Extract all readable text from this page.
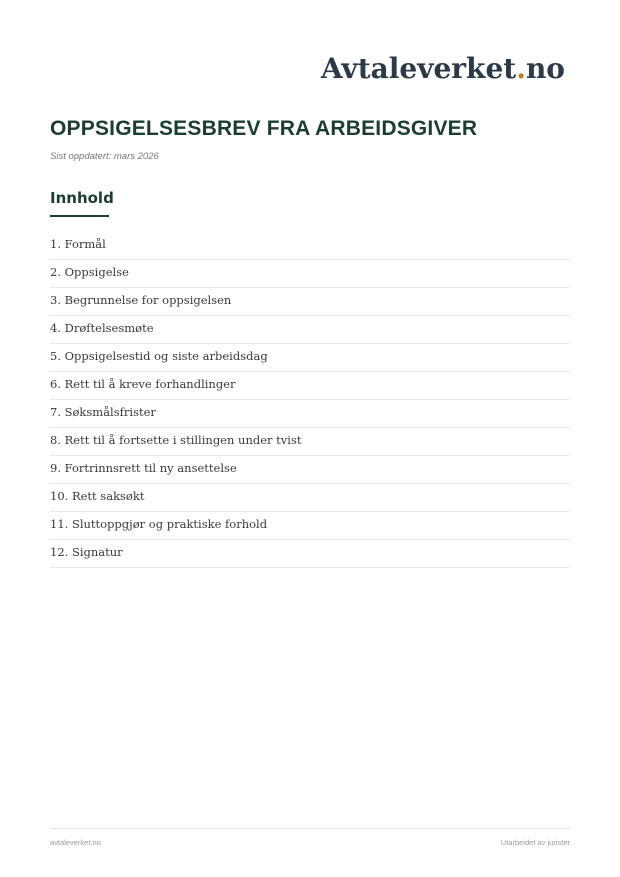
Avtaleverket.no
OPPSIGELSESBREV FRA ARBEIDSGIVER
Sist oppdatert: mars 2026
Innhold
1. Formål
2. Oppsigelse
3. Begrunnelse for oppsigelsen
4. Drøftelsesmøte
5. Oppsigelsestid og siste arbeidsdag
6. Rett til å kreve forhandlinger
7. Søksmålsfrister
8. Rett til å fortsette i stillingen under tvist
9. Fortrinnsrett til ny ansettelse
10. Rett saksøkt
11. Sluttoppgjør og praktiske forhold
12. Signatur
avtaleverket.no	Utarbeidet av jurister
